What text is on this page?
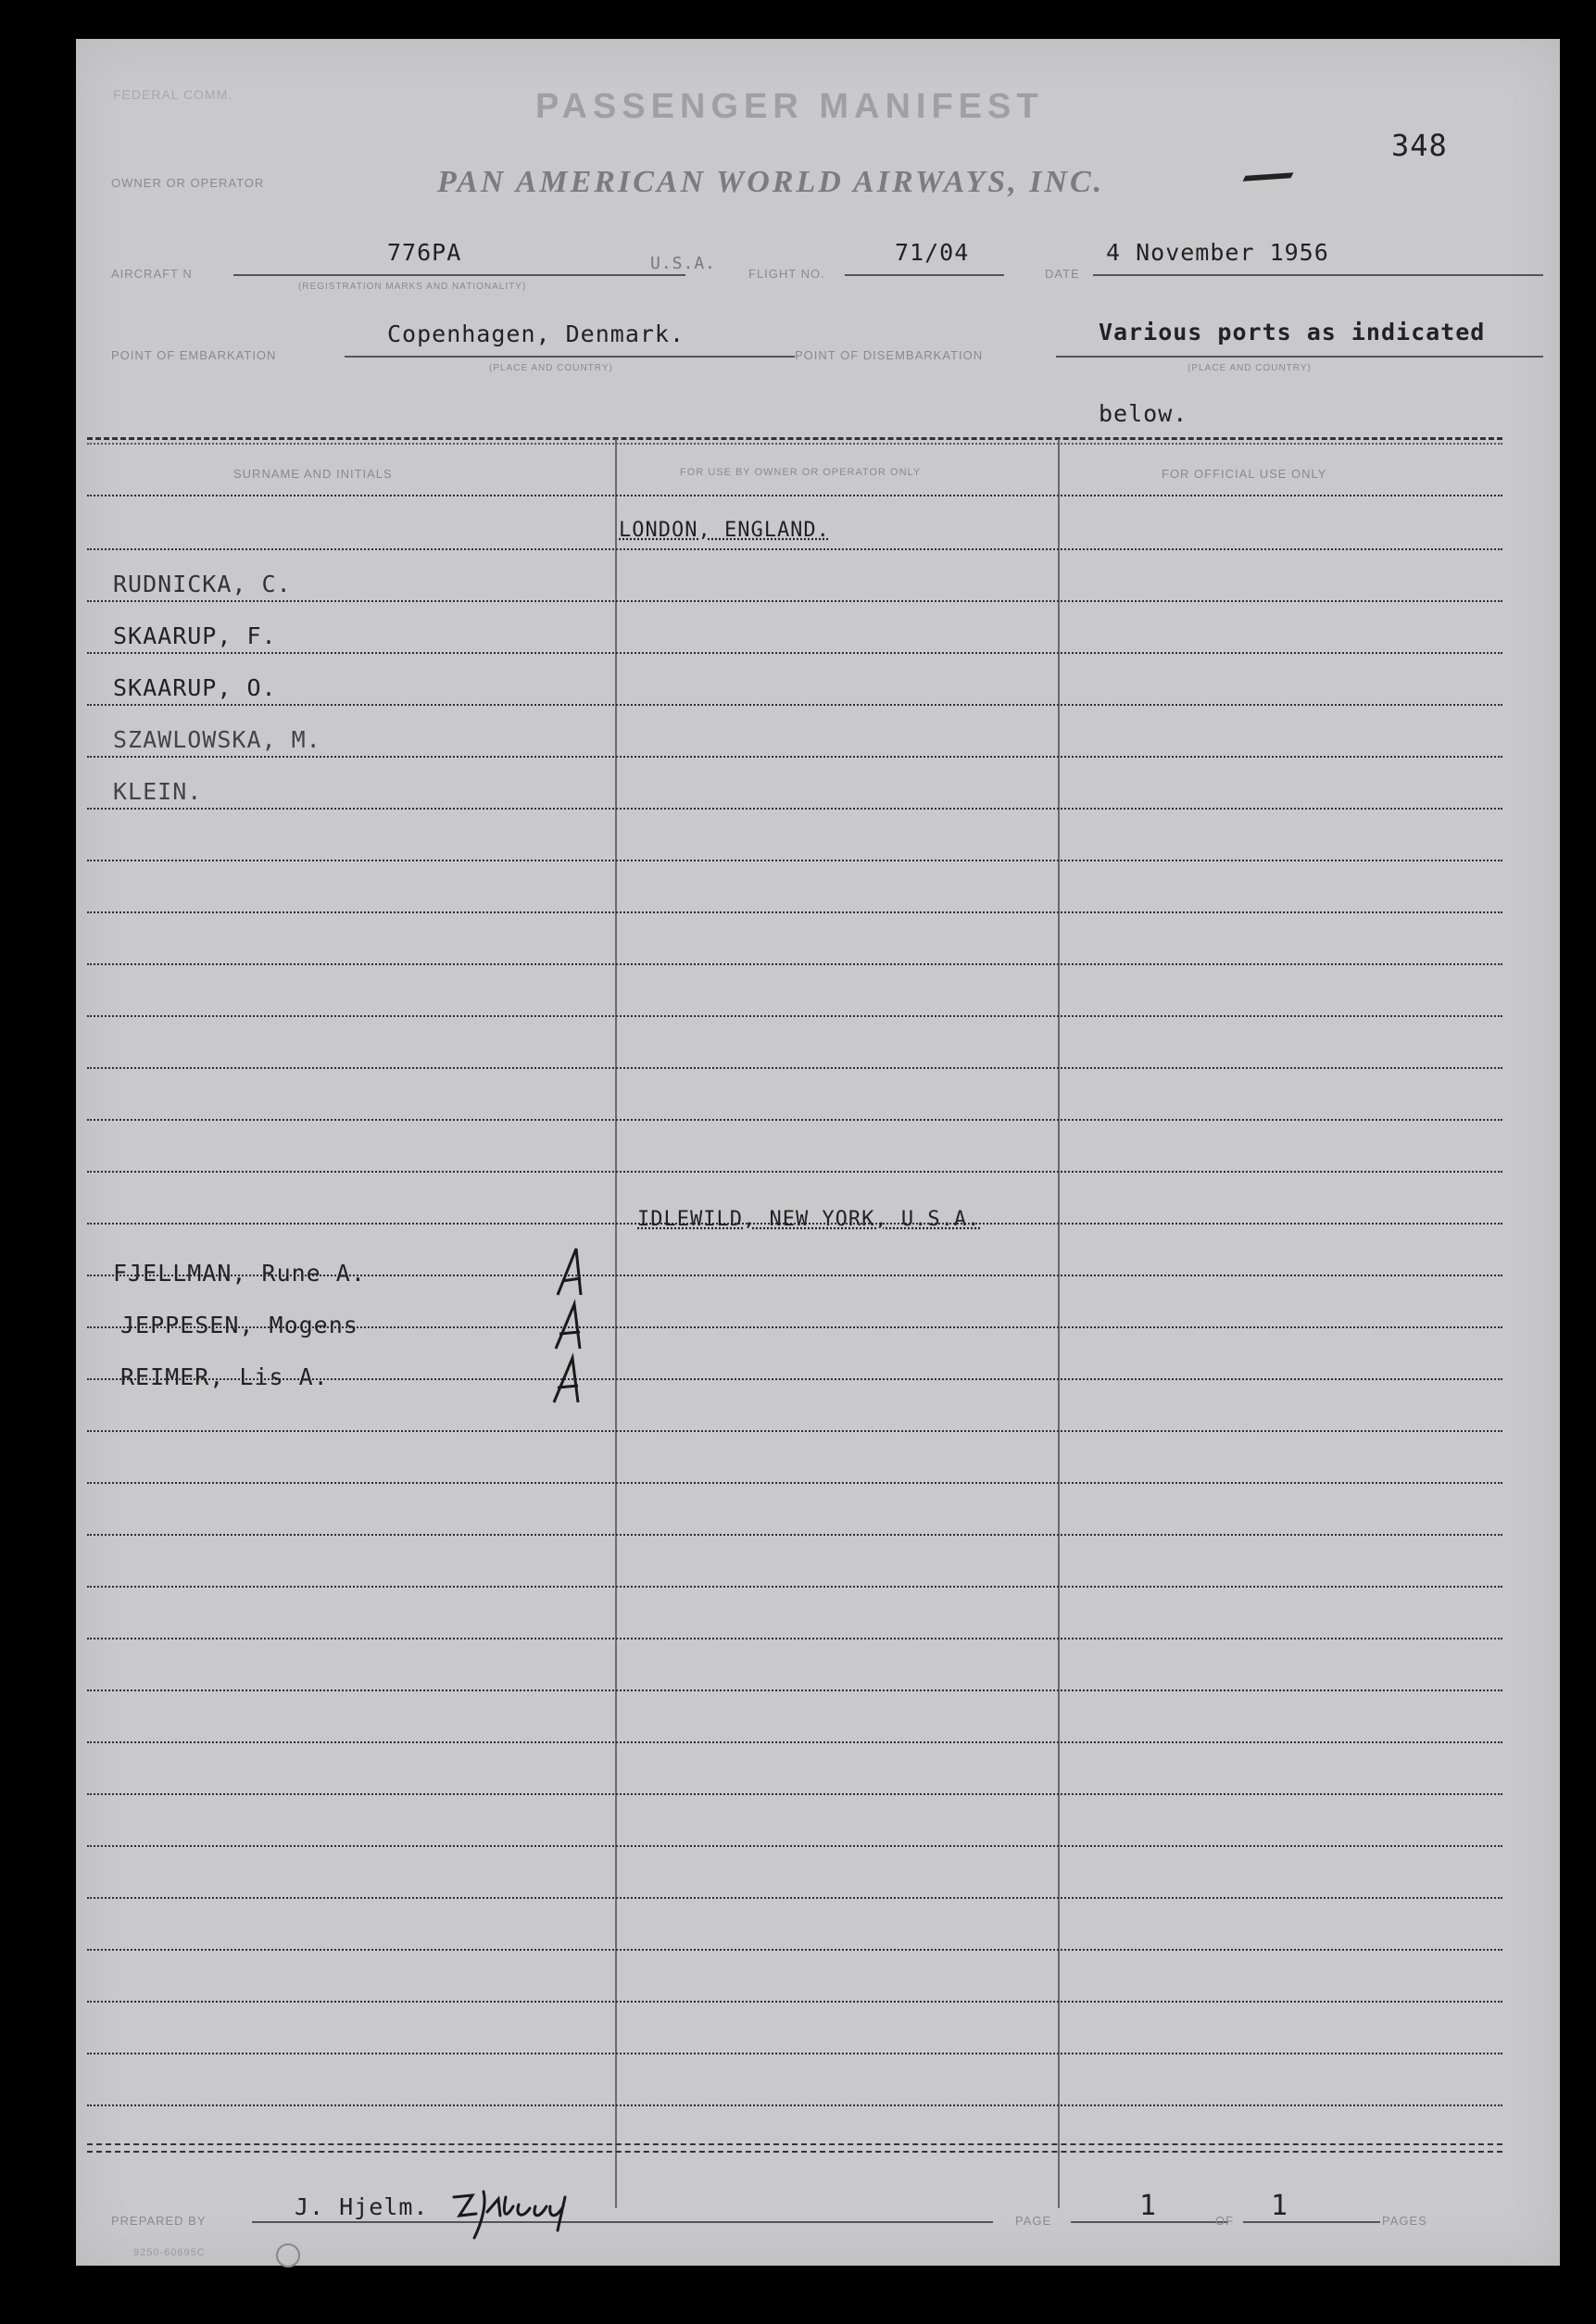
FEDERAL COMM.	PASSENGER MANIFEST
348
OWNER OR OPERATOR	PAN AMERICAN WORLD AIRWAYS, INC.
AIRCRAFT N
776PA
(REGISTRATION MARKS AND NATIONALITY)
U.S.A.
FLIGHT NO.
71/04
DATE
4 November 1956
POINT OF EMBARKATION
Copenhagen, Denmark.
(PLACE AND COUNTRY)
POINT OF DISEMBARKATION
Various ports as indicated
(PLACE AND COUNTRY)
below.
SURNAME AND INITIALS	FOR USE BY OWNER OR OPERATOR ONLY	FOR OFFICIAL USE ONLY
LONDON, ENGLAND.
RUDNICKA, C.
SKAARUP, F.
SKAARUP, O.
SZAWLOWSKA, M.
KLEIN.
IDLEWILD, NEW YORK, U.S.A.
FJELLMAN, Rune A.
JEPPESEN, Mogens
REIMER, Lis A.
PREPARED BY
J. Hjelm.
PAGE	1	OF 1	PAGES
9250-60695C
